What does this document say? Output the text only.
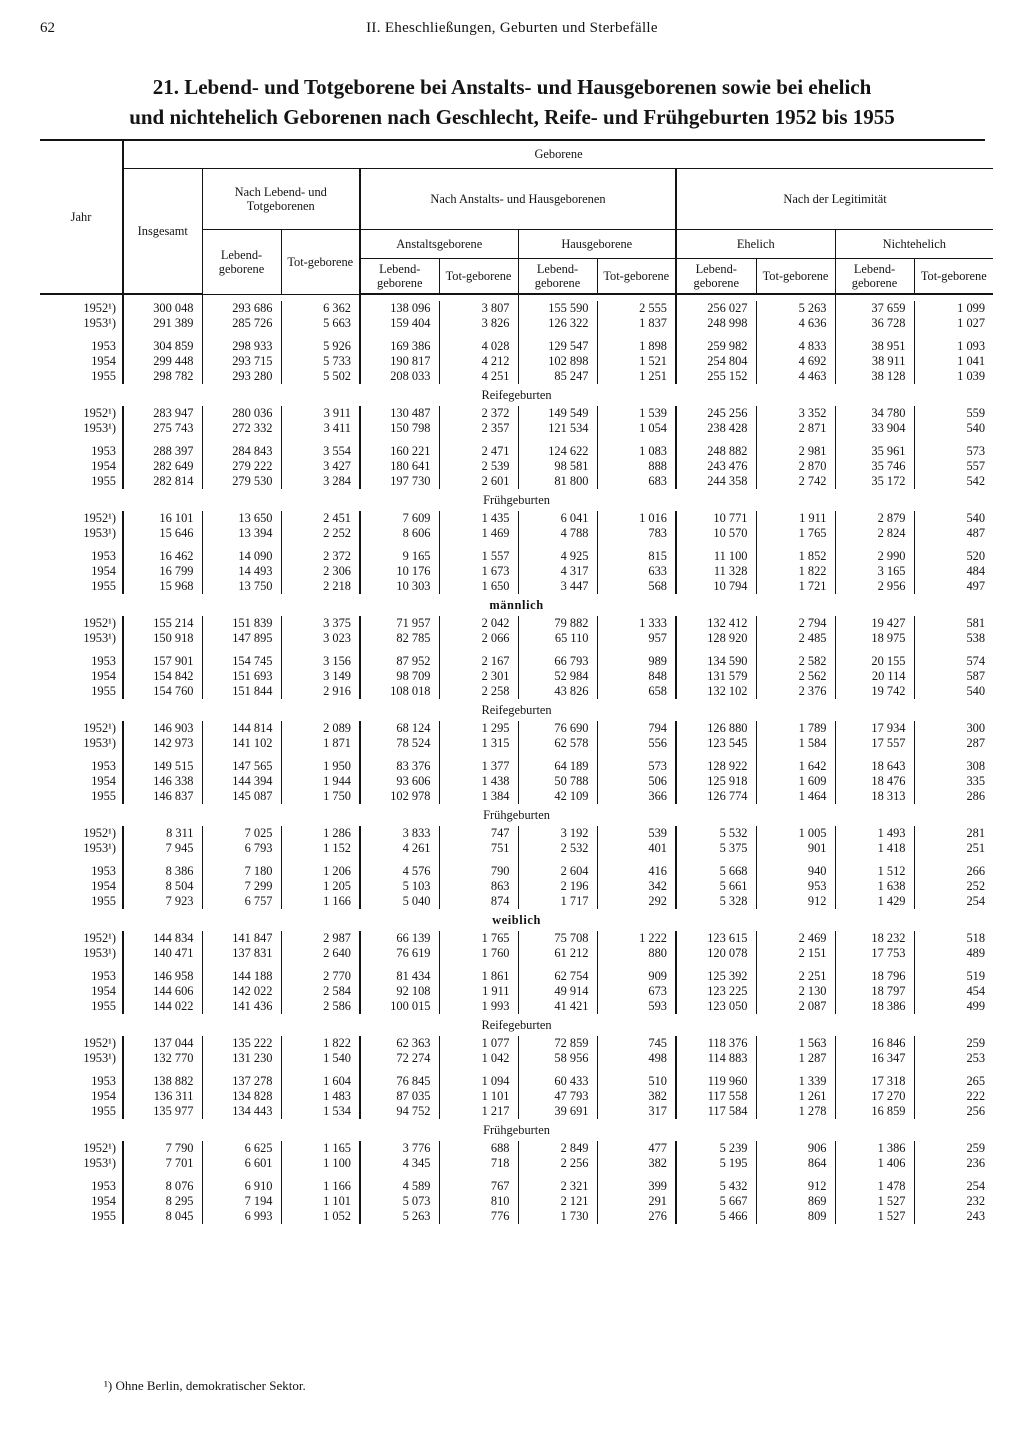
62	II. Eheschließungen, Geburten und Sterbefälle
21. Lebend- und Totgeborene bei Anstalts- und Hausgeborenen sowie bei ehelich
und nichtehelich Geborenen nach Geschlecht, Reife- und Frühgeburten 1952 bis 1955
Jahr	Geborene										
	Insgesamt	Nach Lebend- und Totgeborenen		Nach Anstalts- und Hausgeborenen				Nach der Legitimität			
		Lebend-geborene	Tot-geborene	Anstaltsgeborene		Hausgeborene		Ehelich		Nichtehelich	
				Lebend-geborene	Tot-geborene	Lebend-geborene	Tot-geborene	Lebend-geborene	Tot-geborene	Lebend-geborene	Tot-geborene

1952¹)	300 048	293 686	6 362	138 096	3 807	155 590	2 555	256 027	5 263	37 659	1 099
1953¹)	291 389	285 726	5 663	159 404	3 826	126 322	1 837	248 998	4 636	36 728	1 027

1953	304 859	298 933	5 926	169 386	4 028	129 547	1 898	259 982	4 833	38 951	1 093
1954	299 448	293 715	5 733	190 817	4 212	102 898	1 521	254 804	4 692	38 911	1 041
1955	298 782	293 280	5 502	208 033	4 251	85 247	1 251	255 152	4 463	38 128	1 039
Reifegeburten											
1952¹)	283 947	280 036	3 911	130 487	2 372	149 549	1 539	245 256	3 352	34 780	559
1953¹)	275 743	272 332	3 411	150 798	2 357	121 534	1 054	238 428	2 871	33 904	540

1953	288 397	284 843	3 554	160 221	2 471	124 622	1 083	248 882	2 981	35 961	573
1954	282 649	279 222	3 427	180 641	2 539	98 581	888	243 476	2 870	35 746	557
1955	282 814	279 530	3 284	197 730	2 601	81 800	683	244 358	2 742	35 172	542
Frühgeburten											
1952¹)	16 101	13 650	2 451	7 609	1 435	6 041	1 016	10 771	1 911	2 879	540
1953¹)	15 646	13 394	2 252	8 606	1 469	4 788	783	10 570	1 765	2 824	487

1953	16 462	14 090	2 372	9 165	1 557	4 925	815	11 100	1 852	2 990	520
1954	16 799	14 493	2 306	10 176	1 673	4 317	633	11 328	1 822	3 165	484
1955	15 968	13 750	2 218	10 303	1 650	3 447	568	10 794	1 721	2 956	497
männlich											
1952¹)	155 214	151 839	3 375	71 957	2 042	79 882	1 333	132 412	2 794	19 427	581
1953¹)	150 918	147 895	3 023	82 785	2 066	65 110	957	128 920	2 485	18 975	538

1953	157 901	154 745	3 156	87 952	2 167	66 793	989	134 590	2 582	20 155	574
1954	154 842	151 693	3 149	98 709	2 301	52 984	848	131 579	2 562	20 114	587
1955	154 760	151 844	2 916	108 018	2 258	43 826	658	132 102	2 376	19 742	540
Reifegeburten											
1952¹)	146 903	144 814	2 089	68 124	1 295	76 690	794	126 880	1 789	17 934	300
1953¹)	142 973	141 102	1 871	78 524	1 315	62 578	556	123 545	1 584	17 557	287

1953	149 515	147 565	1 950	83 376	1 377	64 189	573	128 922	1 642	18 643	308
1954	146 338	144 394	1 944	93 606	1 438	50 788	506	125 918	1 609	18 476	335
1955	146 837	145 087	1 750	102 978	1 384	42 109	366	126 774	1 464	18 313	286
Frühgeburten											
1952¹)	8 311	7 025	1 286	3 833	747	3 192	539	5 532	1 005	1 493	281
1953¹)	7 945	6 793	1 152	4 261	751	2 532	401	5 375	901	1 418	251

1953	8 386	7 180	1 206	4 576	790	2 604	416	5 668	940	1 512	266
1954	8 504	7 299	1 205	5 103	863	2 196	342	5 661	953	1 638	252
1955	7 923	6 757	1 166	5 040	874	1 717	292	5 328	912	1 429	254
weiblich											
1952¹)	144 834	141 847	2 987	66 139	1 765	75 708	1 222	123 615	2 469	18 232	518
1953¹)	140 471	137 831	2 640	76 619	1 760	61 212	880	120 078	2 151	17 753	489

1953	146 958	144 188	2 770	81 434	1 861	62 754	909	125 392	2 251	18 796	519
1954	144 606	142 022	2 584	92 108	1 911	49 914	673	123 225	2 130	18 797	454
1955	144 022	141 436	2 586	100 015	1 993	41 421	593	123 050	2 087	18 386	499
Reifegeburten											
1952¹)	137 044	135 222	1 822	62 363	1 077	72 859	745	118 376	1 563	16 846	259
1953¹)	132 770	131 230	1 540	72 274	1 042	58 956	498	114 883	1 287	16 347	253

1953	138 882	137 278	1 604	76 845	1 094	60 433	510	119 960	1 339	17 318	265
1954	136 311	134 828	1 483	87 035	1 101	47 793	382	117 558	1 261	17 270	222
1955	135 977	134 443	1 534	94 752	1 217	39 691	317	117 584	1 278	16 859	256
Frühgeburten											
1952¹)	7 790	6 625	1 165	3 776	688	2 849	477	5 239	906	1 386	259
1953¹)	7 701	6 601	1 100	4 345	718	2 256	382	5 195	864	1 406	236

1953	8 076	6 910	1 166	4 589	767	2 321	399	5 432	912	1 478	254
1954	8 295	7 194	1 101	5 073	810	2 121	291	5 667	869	1 527	232
1955	8 045	6 993	1 052	5 263	776	1 730	276	5 466	809	1 527	243
¹) Ohne Berlin, demokratischer Sektor.
